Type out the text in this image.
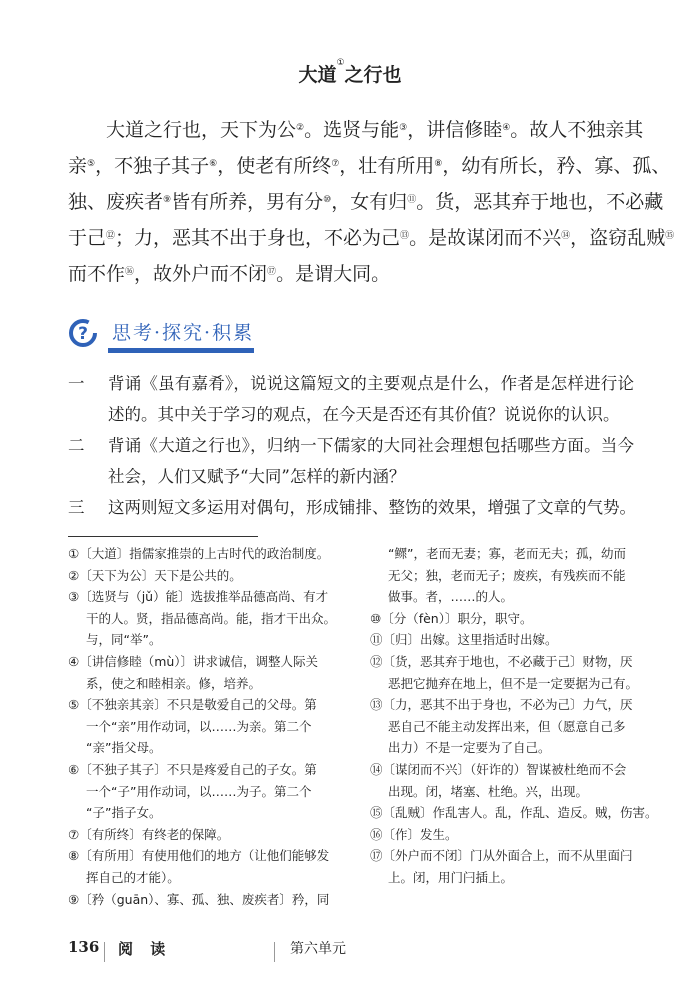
大道①之行也
大道之行也，天下为公②。选贤与能③，讲信修睦④。故人不独亲其
亲⑤，不独子其子⑥，使老有所终⑦，壮有所用⑧，幼有所长，矜、寡、孤、
独、废疾者⑨皆有所养，男有分⑩，女有归⑪。货，恶其弃于地也，不必藏
于己⑫；力，恶其不出于身也，不必为己⑬。是故谋闭而不兴⑭，盗窃乱贼⑮
而不作⑯，故外户而不闭⑰。是谓大同。
? 思考·探究·积累
一 背诵《虽有嘉肴》，说说这篇短文的主要观点是什么，作者是怎样进行论
述的。其中关于学习的观点，在今天是否还有其价值？说说你的认识。
二 背诵《大道之行也》，归纳一下儒家的大同社会理想包括哪些方面。当今
社会，人们又赋予“大同”怎样的新内涵？
三 这两则短文多运用对偶句，形成铺排、整饬的效果，增强了文章的气势。
①〔大道〕指儒家推崇的上古时代的政治制度。
②〔天下为公〕天下是公共的。
③〔选贤与（jǔ）能〕选拔推举品德高尚、有才
干的人。贤，指品德高尚。能，指才干出众。
与，同“举”。
④〔讲信修睦（mù）〕讲求诚信，调整人际关
系，使之和睦相亲。修，培养。
⑤〔不独亲其亲〕不只是敬爱自己的父母。第
一个“亲”用作动词，以……为亲。第二个
“亲”指父母。
⑥〔不独子其子〕不只是疼爱自己的子女。第
一个“子”用作动词，以……为子。第二个
“子”指子女。
⑦〔有所终〕有终老的保障。
⑧〔有所用〕有使用他们的地方（让他们能够发
挥自己的才能）。
⑨〔矜（guān）、寡、孤、独、废疾者〕矜，同
“鳏”，老而无妻；寡，老而无夫；孤，幼而
无父；独，老而无子；废疾，有残疾而不能
做事。者，……的人。
⑩〔分（fèn）〕职分，职守。
⑪〔归〕出嫁。这里指适时出嫁。
⑫〔货，恶其弃于地也，不必藏于己〕财物，厌
恶把它抛弃在地上，但不是一定要据为己有。
⑬〔力，恶其不出于身也，不必为己〕力气，厌
恶自己不能主动发挥出来，但（愿意自己多
出力）不是一定要为了自己。
⑭〔谋闭而不兴〕（奸诈的）智谋被杜绝而不会
出现。闭，堵塞、杜绝。兴，出现。
⑮〔乱贼〕作乱害人。乱，作乱、造反。贼，伤害。
⑯〔作〕发生。
⑰〔外户而不闭〕门从外面合上，而不从里面闩
上。闭，用门闩插上。
136 阅 读	第六单元
